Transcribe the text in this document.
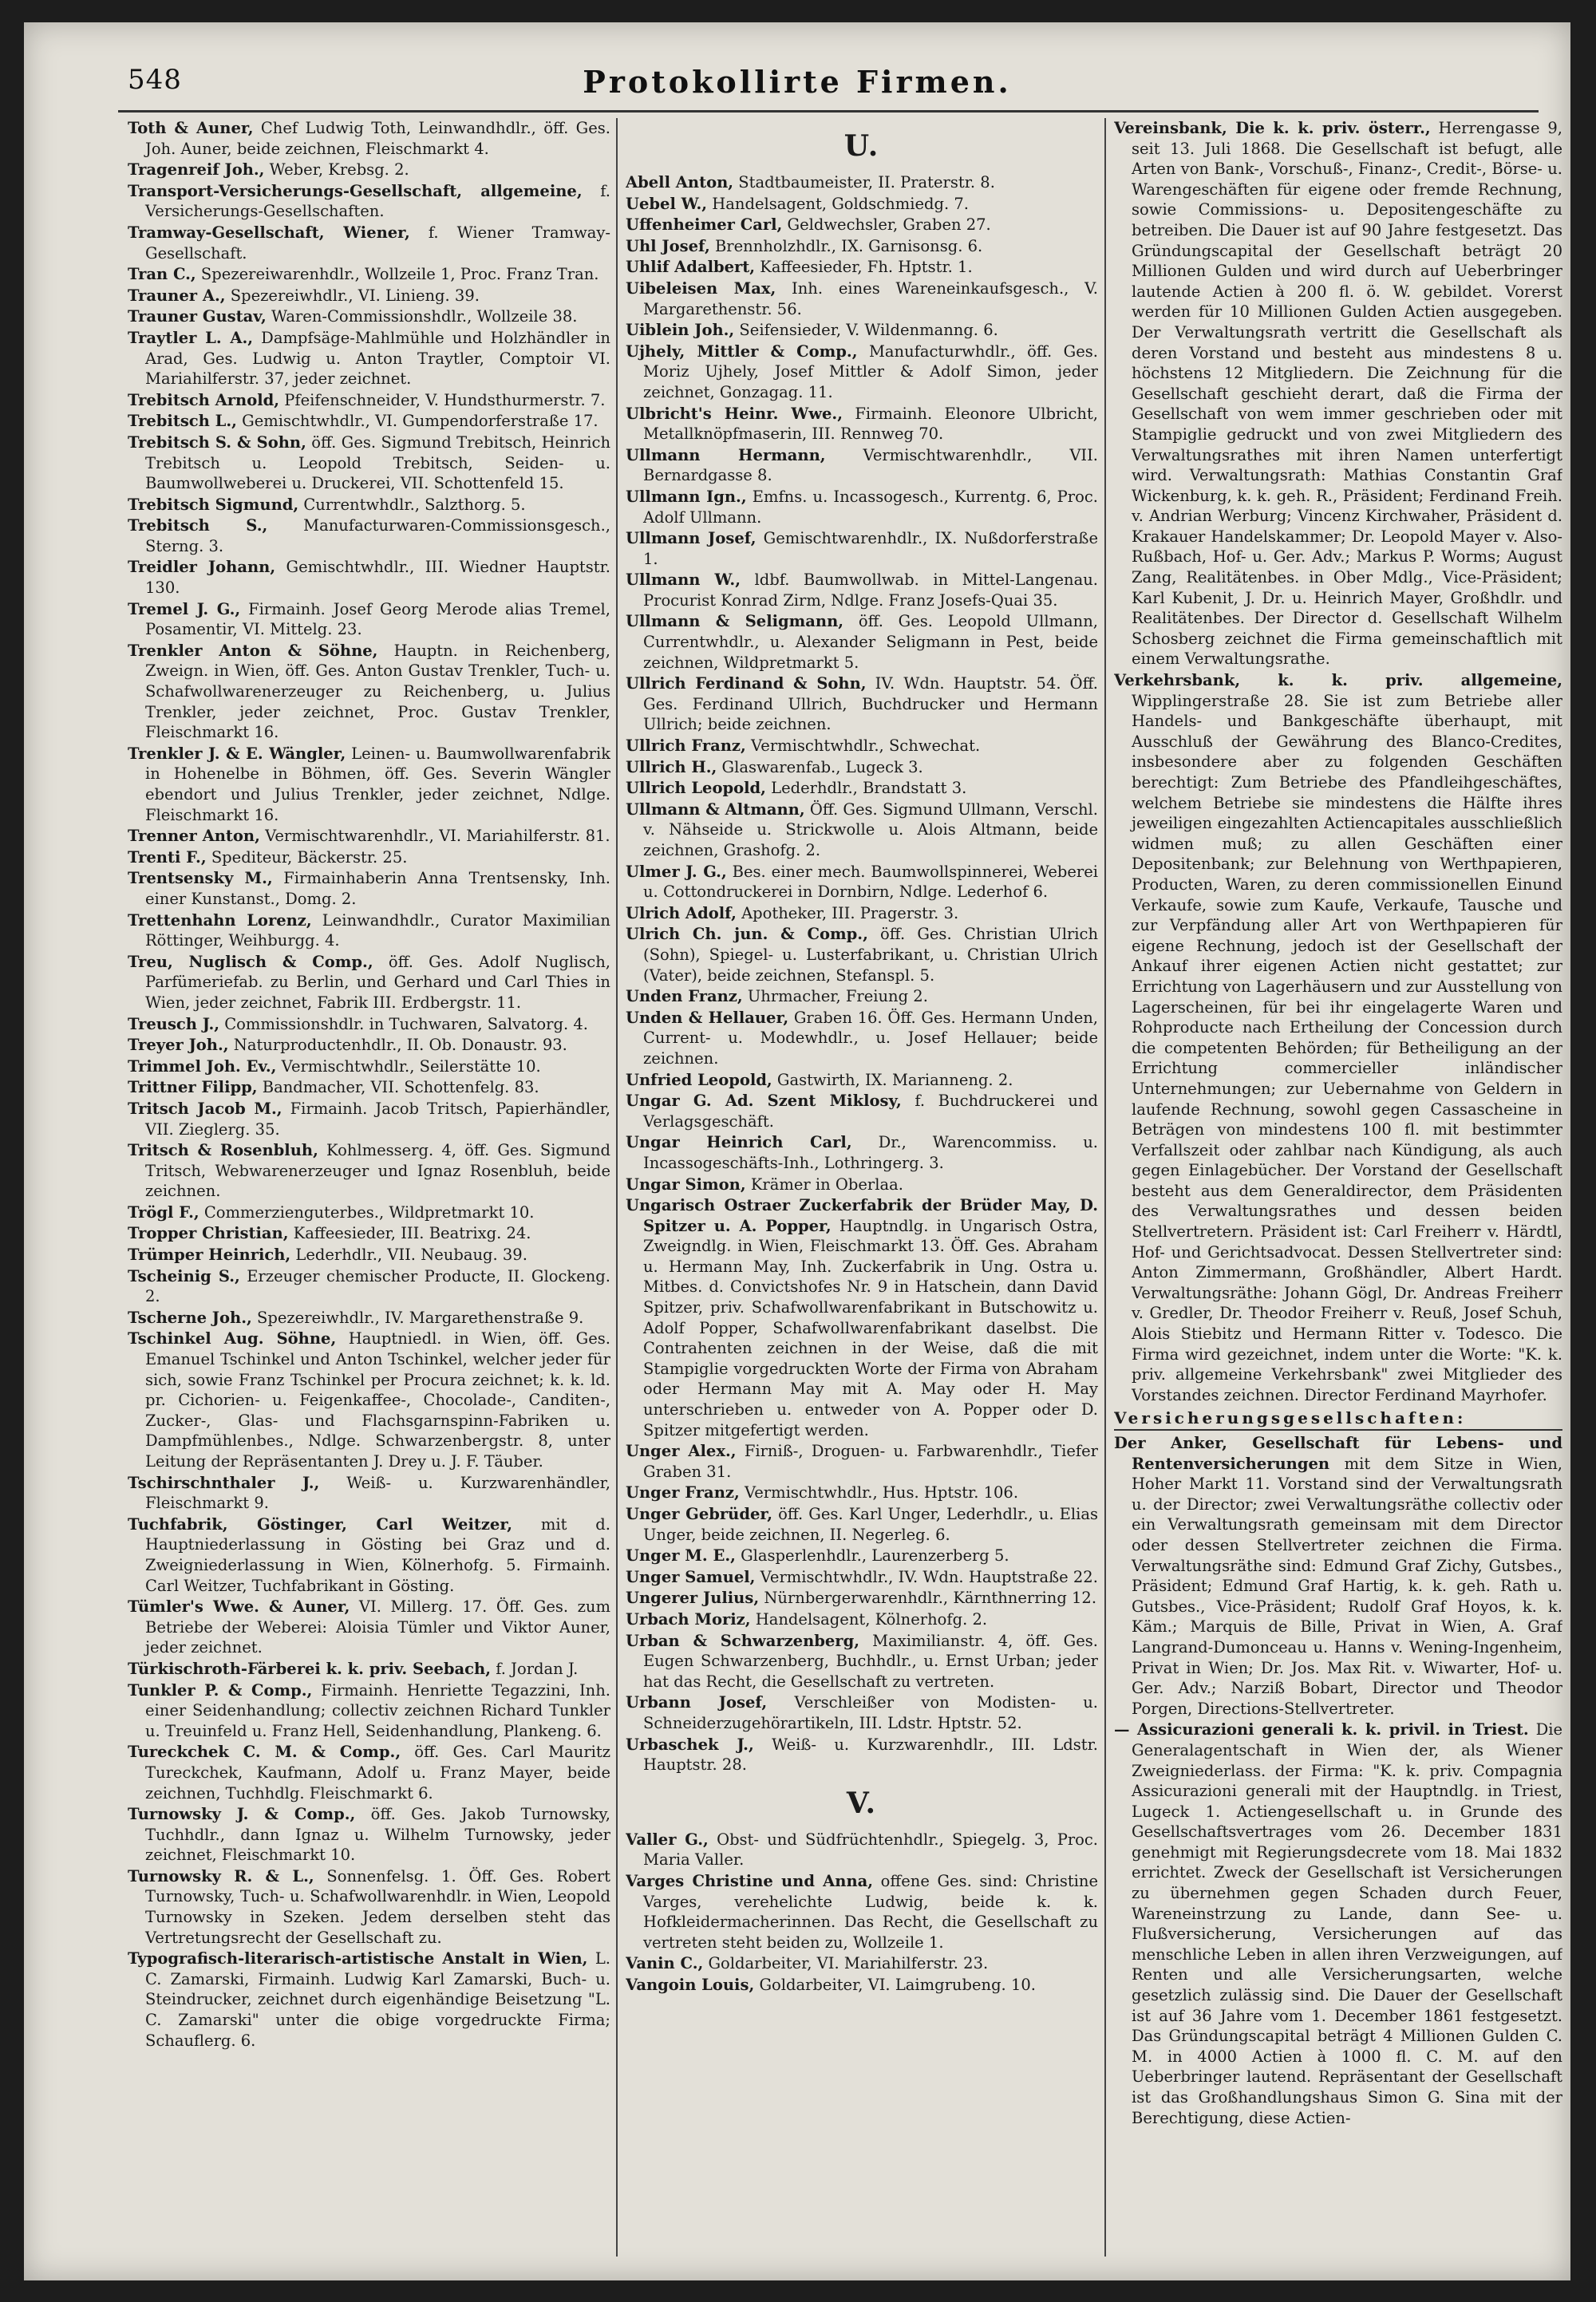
548	Protokollirte Firmen.
Toth & Auner, Chef Ludwig Toth, Leinwandhdlr., öff. Ges. Joh. Auner, beide zeichnen, Fleischmarkt 4.
Tragenreif Joh., Weber, Krebsg. 2.
Transport-Versicherungs-Gesellschaft, allgemeine, f. Versicherungs-Gesellschaften.
Tramway-Gesellschaft, Wiener, f. Wiener Tramway-Gesellschaft.
Tran C., Spezereiwarenhdlr., Wollzeile 1, Proc. Franz Tran.
Trauner A., Spezereiwhdlr., VI. Linieng. 39.
Trauner Gustav, Waren-Commissionshdlr., Wollzeile 38.
Traytler L. A., Dampfsäge-Mahlmühle und Holzhändler in Arad, Ges. Ludwig u. Anton Traytler, Comptoir VI. Mariahilferstr. 37, jeder zeichnet.
Trebitsch Arnold, Pfeifenschneider, V. Hundsthurmerstr. 7.
Trebitsch L., Gemischtwhdlr., VI. Gumpendorferstraße 17.
Trebitsch S. & Sohn, öff. Ges. Sigmund Trebitsch, Heinrich Trebitsch u. Leopold Trebitsch, Seiden- u. Baumwollweberei u. Druckerei, VII. Schottenfeld 15.
Trebitsch Sigmund, Currentwhdlr., Salzthorg. 5.
Trebitsch S., Manufacturwaren-Commissionsgesch., Sterng. 3.
Treidler Johann, Gemischtwhdlr., III. Wiedner Hauptstr. 130.
Tremel J. G., Firmainh. Josef Georg Merode alias Tremel, Posamentir, VI. Mittelg. 23.
Trenkler Anton & Söhne, Hauptn. in Reichenberg, Zweign. in Wien, öff. Ges. Anton Gustav Trenkler, Tuch- u. Schafwollwarenerzeuger zu Reichenberg, u. Julius Trenkler, jeder zeichnet, Proc. Gustav Trenkler, Fleischmarkt 16.
Trenkler J. & E. Wängler, Leinen- u. Baumwollwarenfabrik in Hohenelbe in Böhmen, öff. Ges. Severin Wängler ebendort und Julius Trenkler, jeder zeichnet, Ndlge. Fleischmarkt 16.
Trenner Anton, Vermischtwarenhdlr., VI. Mariahilferstr. 81.
Trenti F., Spediteur, Bäckerstr. 25.
Trentsensky M., Firmainhaberin Anna Trentsensky, Inh. einer Kunstanst., Domg. 2.
Trettenhahn Lorenz, Leinwandhdlr., Curator Maximilian Röttinger, Weihburgg. 4.
Treu, Nuglisch & Comp., öff. Ges. Adolf Nuglisch, Parfümeriefab. zu Berlin, und Gerhard und Carl Thies in Wien, jeder zeichnet, Fabrik III. Erdbergstr. 11.
Treusch J., Commissionshdlr. in Tuchwaren, Salvatorg. 4.
Treyer Joh., Naturproductenhdlr., II. Ob. Donaustr. 93.
Trimmel Joh. Ev., Vermischtwhdlr., Seilerstätte 10.
Trittner Filipp, Bandmacher, VII. Schottenfelg. 83.
Tritsch Jacob M., Firmainh. Jacob Tritsch, Papierhändler, VII. Zieglerg. 35.
Tritsch & Rosenbluh, Kohlmesserg. 4, öff. Ges. Sigmund Tritsch, Webwarenerzeuger und Ignaz Rosenbluh, beide zeichnen.
Trögl F., Commerzienguterbes., Wildpretmarkt 10.
Tropper Christian, Kaffeesieder, III. Beatrixg. 24.
Trümper Heinrich, Lederhdlr., VII. Neubaug. 39.
Tscheinig S., Erzeuger chemischer Producte, II. Glockeng. 2.
Tscherne Joh., Spezereiwhdlr., IV. Margarethenstraße 9.
Tschinkel Aug. Söhne, Hauptniedl. in Wien, öff. Ges. Emanuel Tschinkel und Anton Tschinkel, welcher jeder für sich, sowie Franz Tschinkel per Procura zeichnet; k. k. ld. pr. Cichorien- u. Feigenkaffee-, Chocolade-, Canditen-, Zucker-, Glas- und Flachsgarnspinn-Fabriken u. Dampfmühlenbes., Ndlge. Schwarzenbergstr. 8, unter Leitung der Repräsentanten J. Drey u. J. F. Täuber.
Tschirschnthaler J., Weiß- u. Kurzwarenhändler, Fleischmarkt 9.
Tuchfabrik, Göstinger, Carl Weitzer, mit d. Hauptniederlassung in Gösting bei Graz und d. Zweigniederlassung in Wien, Kölnerhofg. 5. Firmainh. Carl Weitzer, Tuchfabrikant in Gösting.
Tümler's Wwe. & Auner, VI. Millerg. 17. Öff. Ges. zum Betriebe der Weberei: Aloisia Tümler und Viktor Auner, jeder zeichnet.
Türkischroth-Färberei k. k. priv. Seebach, f. Jordan J.
Tunkler P. & Comp., Firmainh. Henriette Tegazzini, Inh. einer Seidenhandlung; collectiv zeichnen Richard Tunkler u. Treuinfeld u. Franz Hell, Seidenhandlung, Plankeng. 6.
Tureckchek C. M. & Comp., öff. Ges. Carl Mauritz Tureckchek, Kaufmann, Adolf u. Franz Mayer, beide zeichnen, Tuchhdlg. Fleischmarkt 6.
Turnowsky J. & Comp., öff. Ges. Jakob Turnowsky, Tuchhdlr., dann Ignaz u. Wilhelm Turnowsky, jeder zeichnet, Fleischmarkt 10.
Turnowsky R. & L., Sonnenfelsg. 1. Öff. Ges. Robert Turnowsky, Tuch- u. Schafwollwarenhdlr. in Wien, Leopold Turnowsky in Szeken. Jedem derselben steht das Vertretungsrecht der Gesellschaft zu.
Typografisch-literarisch-artistische Anstalt in Wien, L. C. Zamarski, Firmainh. Ludwig Karl Zamarski, Buch- u. Steindrucker, zeichnet durch eigenhändige Beisetzung "L. C. Zamarski" unter die obige vorgedruckte Firma; Schauflerg. 6.
U.
Abell Anton, Stadtbaumeister, II. Praterstr. 8.
Uebel W., Handelsagent, Goldschmiedg. 7.
Uffenheimer Carl, Geldwechsler, Graben 27.
Uhl Josef, Brennholzhdlr., IX. Garnisonsg. 6.
Uhlif Adalbert, Kaffeesieder, Fh. Hptstr. 1.
Uibeleisen Max, Inh. eines Wareneinkaufsgesch., V. Margarethenstr. 56.
Uiblein Joh., Seifensieder, V. Wildenmanng. 6.
Ujhely, Mittler & Comp., Manufacturwhdlr., öff. Ges. Moriz Ujhely, Josef Mittler & Adolf Simon, jeder zeichnet, Gonzagag. 11.
Ulbricht's Heinr. Wwe., Firmainh. Eleonore Ulbricht, Metallknöpfmaserin, III. Rennweg 70.
Ullmann Hermann, Vermischtwarenhdlr., VII. Bernardgasse 8.
Ullmann Ign., Emfns. u. Incassogesch., Kurrentg. 6, Proc. Adolf Ullmann.
Ullmann Josef, Gemischtwarenhdlr., IX. Nußdorferstraße 1.
Ullmann W., ldbf. Baumwollwab. in Mittel-Langenau. Procurist Konrad Zirm, Ndlge. Franz Josefs-Quai 35.
Ullmann & Seligmann, öff. Ges. Leopold Ullmann, Currentwhdlr., u. Alexander Seligmann in Pest, beide zeichnen, Wildpretmarkt 5.
Ullrich Ferdinand & Sohn, IV. Wdn. Hauptstr. 54. Öff. Ges. Ferdinand Ullrich, Buchdrucker und Hermann Ullrich; beide zeichnen.
Ullrich Franz, Vermischtwhdlr., Schwechat.
Ullrich H., Glaswarenfab., Lugeck 3.
Ullrich Leopold, Lederhdlr., Brandstatt 3.
Ullmann & Altmann, Öff. Ges. Sigmund Ullmann, Verschl. v. Nähseide u. Strickwolle u. Alois Altmann, beide zeichnen, Grashofg. 2.
Ulmer J. G., Bes. einer mech. Baumwollspinnerei, Weberei u. Cottondruckerei in Dornbirn, Ndlge. Lederhof 6.
Ulrich Adolf, Apotheker, III. Pragerstr. 3.
Ulrich Ch. jun. & Comp., öff. Ges. Christian Ulrich (Sohn), Spiegel- u. Lusterfabrikant, u. Christian Ulrich (Vater), beide zeichnen, Stefanspl. 5.
Unden Franz, Uhrmacher, Freiung 2.
Unden & Hellauer, Graben 16. Öff. Ges. Hermann Unden, Current- u. Modewhdlr., u. Josef Hellauer; beide zeichnen.
Unfried Leopold, Gastwirth, IX. Marianneng. 2.
Ungar G. Ad. Szent Miklosy, f. Buchdruckerei und Verlagsgeschäft.
Ungar Heinrich Carl, Dr., Warencommiss. u. Incassogeschäfts-Inh., Lothringerg. 3.
Ungar Simon, Krämer in Oberlaa.
Ungarisch Ostraer Zuckerfabrik der Brüder May, D. Spitzer u. A. Popper, Hauptndlg. in Ungarisch Ostra, Zweigndlg. in Wien, Fleischmarkt 13. Öff. Ges. Abraham u. Hermann May, Inh. Zuckerfabrik in Ung. Ostra u. Mitbes. d. Convictshofes Nr. 9 in Hatschein, dann David Spitzer, priv. Schafwollwarenfabrikant in Butschowitz u. Adolf Popper, Schafwollwarenfabrikant daselbst. Die Contrahenten zeichnen in der Weise, daß die mit Stampiglie vorgedruckten Worte der Firma von Abraham oder Hermann May mit A. May oder H. May unterschrieben u. entweder von A. Popper oder D. Spitzer mitgefertigt werden.
Unger Alex., Firniß-, Droguen- u. Farbwarenhdlr., Tiefer Graben 31.
Unger Franz, Vermischtwhdlr., Hus. Hptstr. 106.
Unger Gebrüder, öff. Ges. Karl Unger, Lederhdlr., u. Elias Unger, beide zeichnen, II. Negerleg. 6.
Unger M. E., Glasperlenhdlr., Laurenzerberg 5.
Unger Samuel, Vermischtwhdlr., IV. Wdn. Hauptstraße 22.
Ungerer Julius, Nürnbergerwarenhdlr., Kärnthnerring 12.
Urbach Moriz, Handelsagent, Kölnerhofg. 2.
Urban & Schwarzenberg, Maximilianstr. 4, öff. Ges. Eugen Schwarzenberg, Buchhdlr., u. Ernst Urban; jeder hat das Recht, die Gesellschaft zu vertreten.
Urbann Josef, Verschleißer von Modisten- u. Schneiderzugehörartikeln, III. Ldstr. Hptstr. 52.
Urbaschek J., Weiß- u. Kurzwarenhdlr., III. Ldstr. Hauptstr. 28.
V.
Valler G., Obst- und Südfrüchtenhdlr., Spiegelg. 3, Proc. Maria Valler.
Varges Christine und Anna, offene Ges. sind: Christine Varges, verehelichte Ludwig, beide k. k. Hofkleidermacherinnen. Das Recht, die Gesellschaft zu vertreten steht beiden zu, Wollzeile 1.
Vanin C., Goldarbeiter, VI. Mariahilferstr. 23.
Vangoin Louis, Goldarbeiter, VI. Laimgrubeng. 10.
Vereinsbank, Die k. k. priv. österr., Herrengasse 9, seit 13. Juli 1868. Die Gesellschaft ist befugt, alle Arten von Bank-, Vorschuß-, Finanz-, Credit-, Börse- u. Warengeschäften für eigene oder fremde Rechnung, sowie Commissions- u. Depositengeschäfte zu betreiben. Die Dauer ist auf 90 Jahre festgesetzt. Das Gründungscapital der Gesellschaft beträgt 20 Millionen Gulden und wird durch auf Ueberbringer lautende Actien à 200 fl. ö. W. gebildet. Vorerst werden für 10 Millionen Gulden Actien ausgegeben. Der Verwaltungsrath vertritt die Gesellschaft als deren Vorstand und besteht aus mindestens 8 u. höchstens 12 Mitgliedern. Die Zeichnung für die Gesellschaft geschieht derart, daß die Firma der Gesellschaft von wem immer geschrieben oder mit Stampiglie gedruckt und von zwei Mitgliedern des Verwaltungsrathes mit ihren Namen unterfertigt wird. Verwaltungsrath: Mathias Constantin Graf Wickenburg, k. k. geh. R., Präsident; Ferdinand Freih. v. Andrian Werburg; Vincenz Kirchwaher, Präsident d. Krakauer Handelskammer; Dr. Leopold Mayer v. Also-Rußbach, Hof- u. Ger. Adv.; Markus P. Worms; August Zang, Realitätenbes. in Ober Mdlg., Vice-Präsident; Karl Kubenit, J. Dr. u. Heinrich Mayer, Großhdlr. und Realitätenbes. Der Director d. Gesellschaft Wilhelm Schosberg zeichnet die Firma gemeinschaftlich mit einem Verwaltungsrathe.
Verkehrsbank, k. k. priv. allgemeine, Wipplingerstraße 28. Sie ist zum Betriebe aller Handels- und Bankgeschäfte überhaupt, mit Ausschluß der Gewährung des Blanco-Credites, insbesondere aber zu folgenden Geschäften berechtigt: Zum Betriebe des Pfandleihgeschäftes, welchem Betriebe sie mindestens die Hälfte ihres jeweiligen eingezahlten Actiencapitales ausschließlich widmen muß; zu allen Geschäften einer Depositenbank; zur Belehnung von Werthpapieren, Producten, Waren, zu deren commissionellen Einund Verkaufe, sowie zum Kaufe, Verkaufe, Tausche und zur Verpfändung aller Art von Werthpapieren für eigene Rechnung, jedoch ist der Gesellschaft der Ankauf ihrer eigenen Actien nicht gestattet; zur Errichtung von Lagerhäusern und zur Ausstellung von Lagerscheinen, für bei ihr eingelagerte Waren und Rohproducte nach Ertheilung der Concession durch die competenten Behörden; für Betheiligung an der Errichtung commercieller inländischer Unternehmungen; zur Uebernahme von Geldern in laufende Rechnung, sowohl gegen Cassascheine in Beträgen von mindestens 100 fl. mit bestimmter Verfallszeit oder zahlbar nach Kündigung, als auch gegen Einlagebücher. Der Vorstand der Gesellschaft besteht aus dem Generaldirector, dem Präsidenten des Verwaltungsrathes und dessen beiden Stellvertretern. Präsident ist: Carl Freiherr v. Härdtl, Hof- und Gerichtsadvocat. Dessen Stellvertreter sind: Anton Zimmermann, Großhändler, Albert Hardt. Verwaltungsräthe: Johann Gögl, Dr. Andreas Freiherr v. Gredler, Dr. Theodor Freiherr v. Reuß, Josef Schuh, Alois Stiebitz und Hermann Ritter v. Todesco. Die Firma wird gezeichnet, indem unter die Worte: "K. k. priv. allgemeine Verkehrsbank" zwei Mitglieder des Vorstandes zeichnen. Director Ferdinand Mayrhofer.
Versicherungsgesellschaften:
Der Anker, Gesellschaft für Lebens- und Rentenversicherungen mit dem Sitze in Wien, Hoher Markt 11. Vorstand sind der Verwaltungsrath u. der Director; zwei Verwaltungsräthe collectiv oder ein Verwaltungsrath gemeinsam mit dem Director oder dessen Stellvertreter zeichnen die Firma. Verwaltungsräthe sind: Edmund Graf Zichy, Gutsbes., Präsident; Edmund Graf Hartig, k. k. geh. Rath u. Gutsbes., Vice-Präsident; Rudolf Graf Hoyos, k. k. Käm.; Marquis de Bille, Privat in Wien, A. Graf Langrand-Dumonceau u. Hanns v. Wening-Ingenheim, Privat in Wien; Dr. Jos. Max Rit. v. Wiwarter, Hof- u. Ger. Adv.; Narziß Bobart, Director und Theodor Porgen, Directions-Stellvertreter.
— Assicurazioni generali k. k. privil. in Triest. Die Generalagentschaft in Wien der, als Wiener Zweigniederlass. der Firma: "K. k. priv. Compagnia Assicurazioni generali mit der Hauptndlg. in Triest, Lugeck 1. Actiengesellschaft u. in Grunde des Gesellschaftsvertrages vom 26. December 1831 genehmigt mit Regierungsdecrete vom 18. Mai 1832 errichtet. Zweck der Gesellschaft ist Versicherungen zu übernehmen gegen Schaden durch Feuer, Wareneinstrzung zu Lande, dann See- u. Flußversicherung, Versicherungen auf das menschliche Leben in allen ihren Verzweigungen, auf Renten und alle Versicherungsarten, welche gesetzlich zulässig sind. Die Dauer der Gesellschaft ist auf 36 Jahre vom 1. December 1861 festgesetzt. Das Gründungscapital beträgt 4 Millionen Gulden C. M. in 4000 Actien à 1000 fl. C. M. auf den Ueberbringer lautend. Repräsentant der Gesellschaft ist das Großhandlungshaus Simon G. Sina mit der Berechtigung, diese Actien-
